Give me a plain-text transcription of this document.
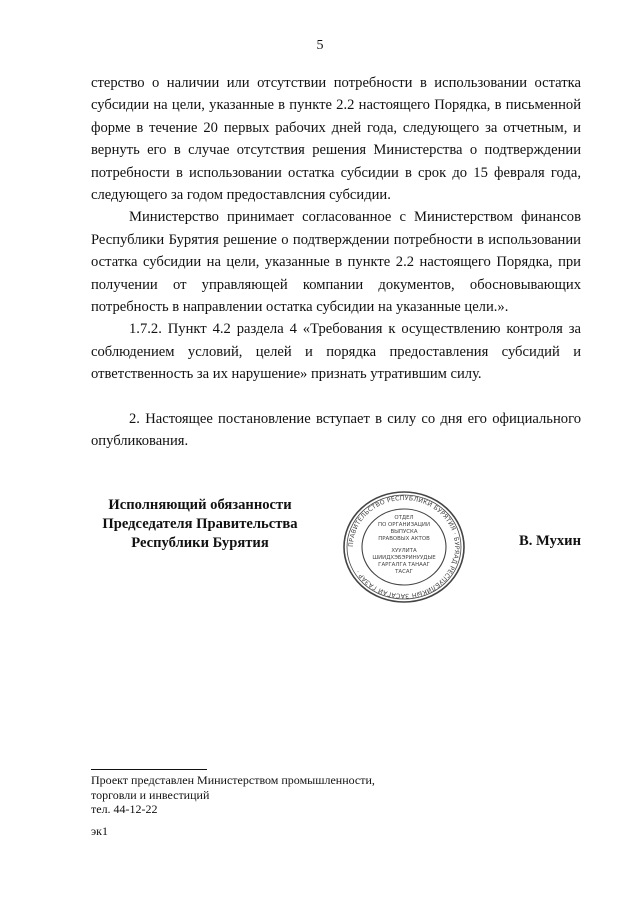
5

стерство о наличии или отсутствии потребности в использовании остатка субсидии на цели, указанные в пункте 2.2 настоящего Порядка, в письменной форме в течение 20 первых рабочих дней года, следующего за отчетным, и вернуть его в случае отсутствия решения Министерства о подтверждении потребности в использовании остатка субсидии в срок до 15 февраля года, следующего за годом предоставлсния субсидии.

Министерство принимает согласованное с Министерством финансов Республики Бурятия решение о подтверждении потребности в использовании остатка субсидии на цели, указанные в пункте 2.2 настоящего Порядка, при получении от управляющей компании документов, обосновывающих потребность в направлении остатка субсидии на указанные цели.».

1.7.2. Пункт 4.2 раздела 4 «Требования к осуществлению контроля за соблюдением условий, целей и порядка предоставления субсидий и ответственность за их нарушение» признать утратившим силу.

2. Настоящее постановление вступает в силу со дня его официального опубликования.

Исполняющий обязанности
Председателя Правительства
Республики Бурятия	ПРАВИТЕЛЬСТВО РЕСПУБЛИКИ БУРЯТИЯ · БУРЯАД РЕСПУБЛИКЫН ЗАСАГАЙ ГАЗАР ·
ОТДЕЛ
ПО ОРГАНИЗАЦИИ
ВЫПУСКА
ПРАВОВЫХ АКТОВ
ХУУЛИТА
ШИИДХЭБЭРИНУУДЫЕ
ГАРГАЛГА ТАНААГ
ТАСАГ
В. Мухин
Проект представлен Министерством промышленности,
торговли и инвестиций
тел. 44-12-22
эк1
